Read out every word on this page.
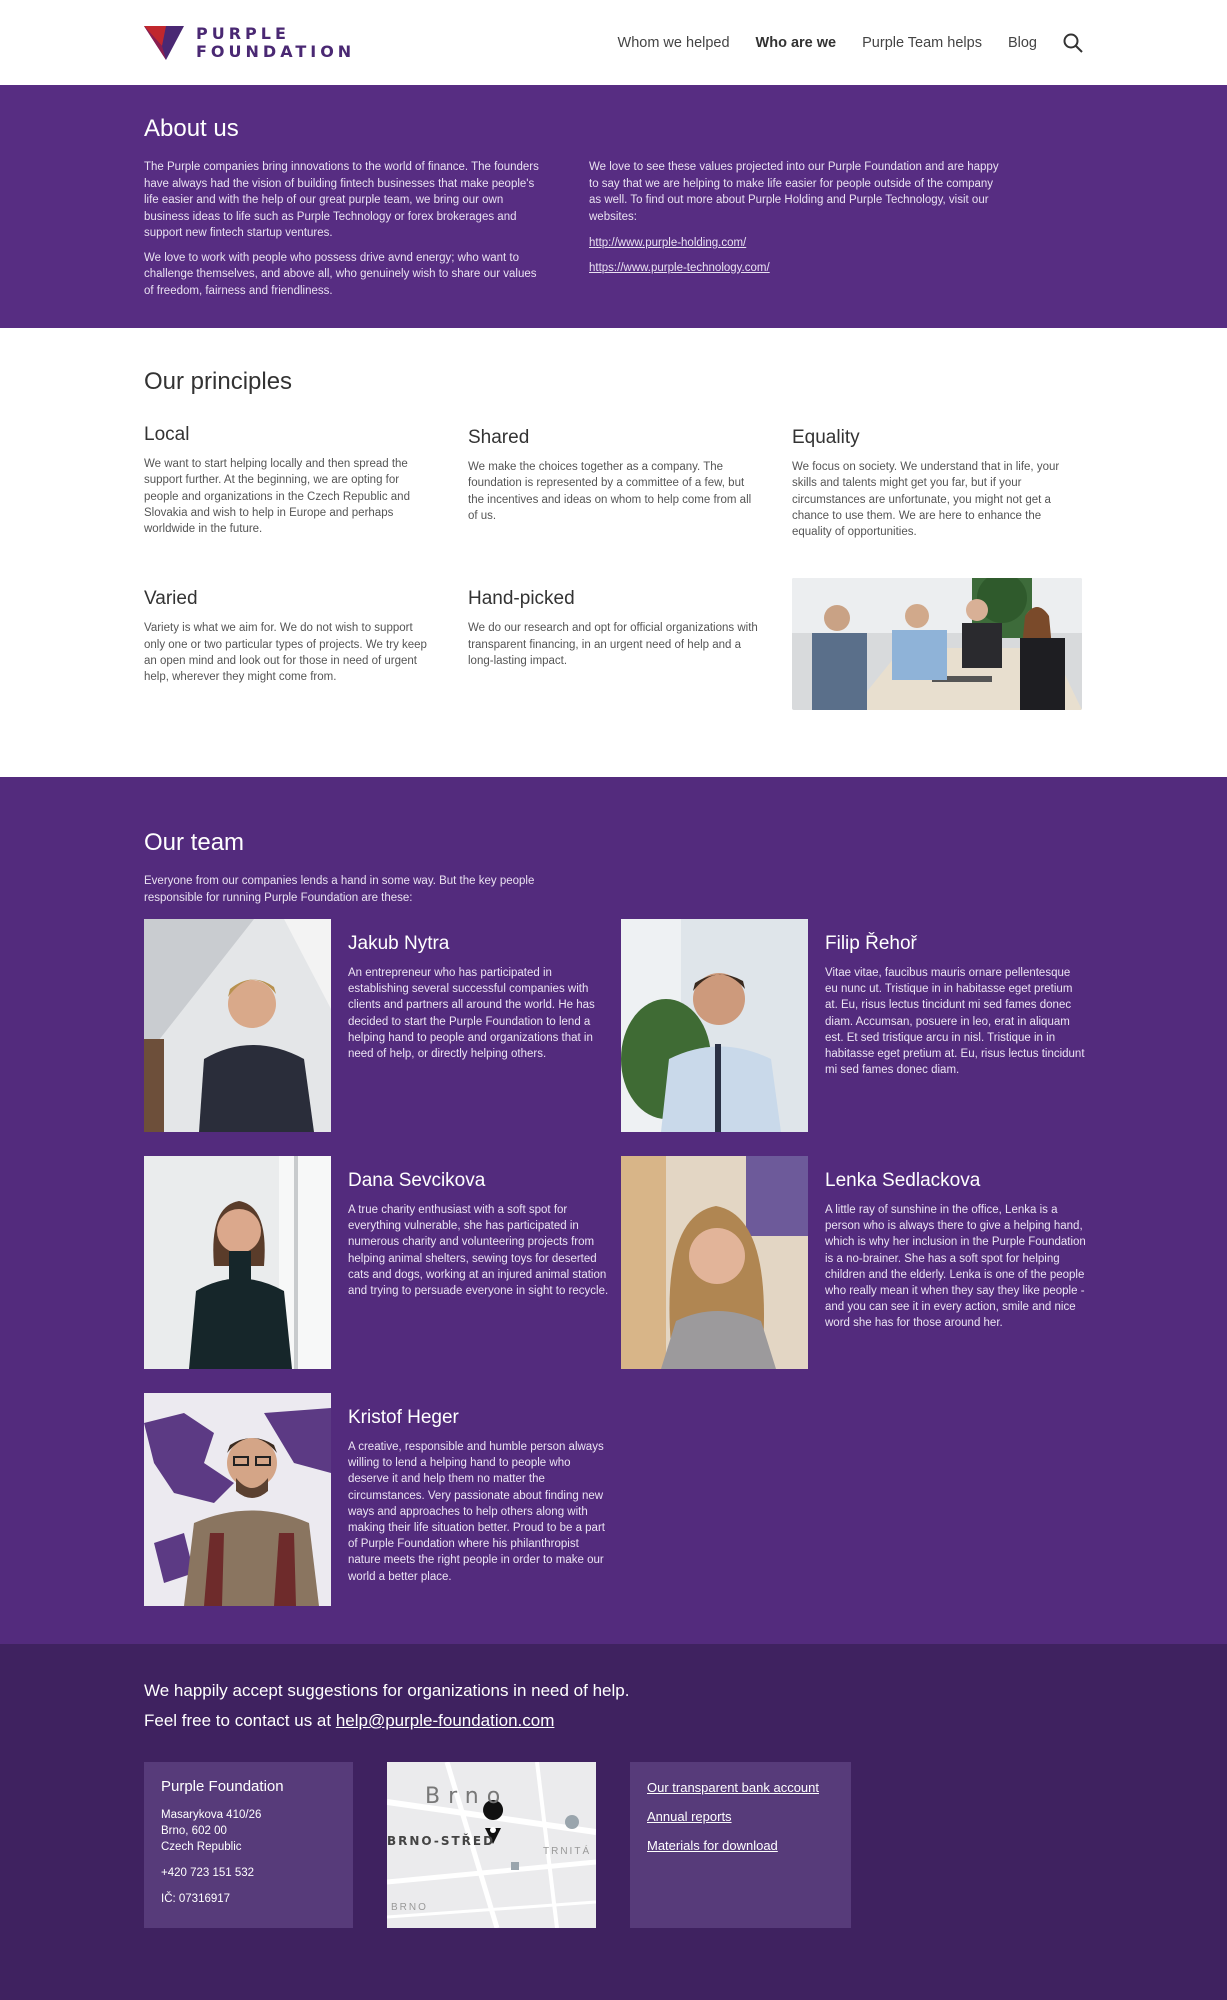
PURPLE
FOUNDATION	Whom we helped Who are we Purple Team helps Blog
About us

The Purple companies bring innovations to the world of finance. The founders have always had the vision of building fintech businesses that make people's life easier and with the help of our great purple team, we bring our own business ideas to life such as Purple Technology or forex brokerages and support new fintech startup ventures.

We love to work with people who possess drive avnd energy; who want to challenge themselves, and above all, who genuinely wish to share our values of freedom, fairness and friendliness.

We love to see these values projected into our Purple Foundation and are happy to say that we are helping to make life easier for people outside of the company as well. To find out more about Purple Holding and Purple Technology, visit our websites:

http://www.purple-holding.com/
https://www.purple-technology.com/
Our principles
Local

We want to start helping locally and then spread the support further. At the beginning, we are opting for people and organizations in the Czech Republic and Slovakia and wish to help in Europe and perhaps worldwide in the future.

Shared

We make the choices together as a company. The foundation is represented by a committee of a few, but the incentives and ideas on whom to help come from all of us.

Equality

We focus on society. We understand that in life, your skills and talents might get you far, but if your circumstances are unfortunate, you might not get a chance to use them. We are here to enhance the equality of opportunities.

Varied

Variety is what we aim for. We do not wish to support only one or two particular types of projects. We try keep an open mind and look out for those in need of urgent help, wherever they might come from.

Hand-picked

We do our research and opt for official organizations with transparent financing, in an urgent need of help and a long-lasting impact.

Our team

Everyone from our companies lends a hand in some way. But the key people responsible for running Purple Foundation are these:

Jakub Nytra

An entrepreneur who has participated in establishing several successful companies with clients and partners all around the world. He has decided to start the Purple Foundation to lend a helping hand to people and organizations that in need of help, or directly helping others.

Filip Řehoř

Vitae vitae, faucibus mauris ornare pellentesque eu nunc ut. Tristique in in habitasse eget pretium at. Eu, risus lectus tincidunt mi sed fames donec diam. Accumsan, posuere in leo, erat in aliquam est. Et sed tristique arcu in nisl. Tristique in in habitasse eget pretium at. Eu, risus lectus tincidunt mi sed fames donec diam.

Dana Sevcikova

A true charity enthusiast with a soft spot for everything vulnerable, she has participated in numerous charity and volunteering projects from helping animal shelters, sewing toys for deserted cats and dogs, working at an injured animal station and trying to persuade everyone in sight to recycle.

Lenka Sedlackova

A little ray of sunshine in the office, Lenka is a person who is always there to give a helping hand, which is why her inclusion in the Purple Foundation is a no-brainer. She has a soft spot for helping children and the elderly. Lenka is one of the people who really mean it when they say they like people - and you can see it in every action, smile and nice word she has for those around her.

Kristof Heger

A creative, responsible and humble person always willing to lend a helping hand to people who deserve it and help them no matter the circumstances. Very passionate about finding new ways and approaches to help others along with making their life situation better. Proud to be a part of Purple Foundation where his philanthropist nature meets the right people in order to make our world a better place.

We happily accept suggestions for organizations in need of help.
Feel free to contact us at help@purple-foundation.com
Purple Foundation
Masarykova 410/26
Brno, 602 00
Czech Republic
+420 723 151 532
IČ: 07316917
Brno
BRNO-STŘED
TRNITÁ
BRNO
Our transparent bank account
Annual reports
Materials for download
